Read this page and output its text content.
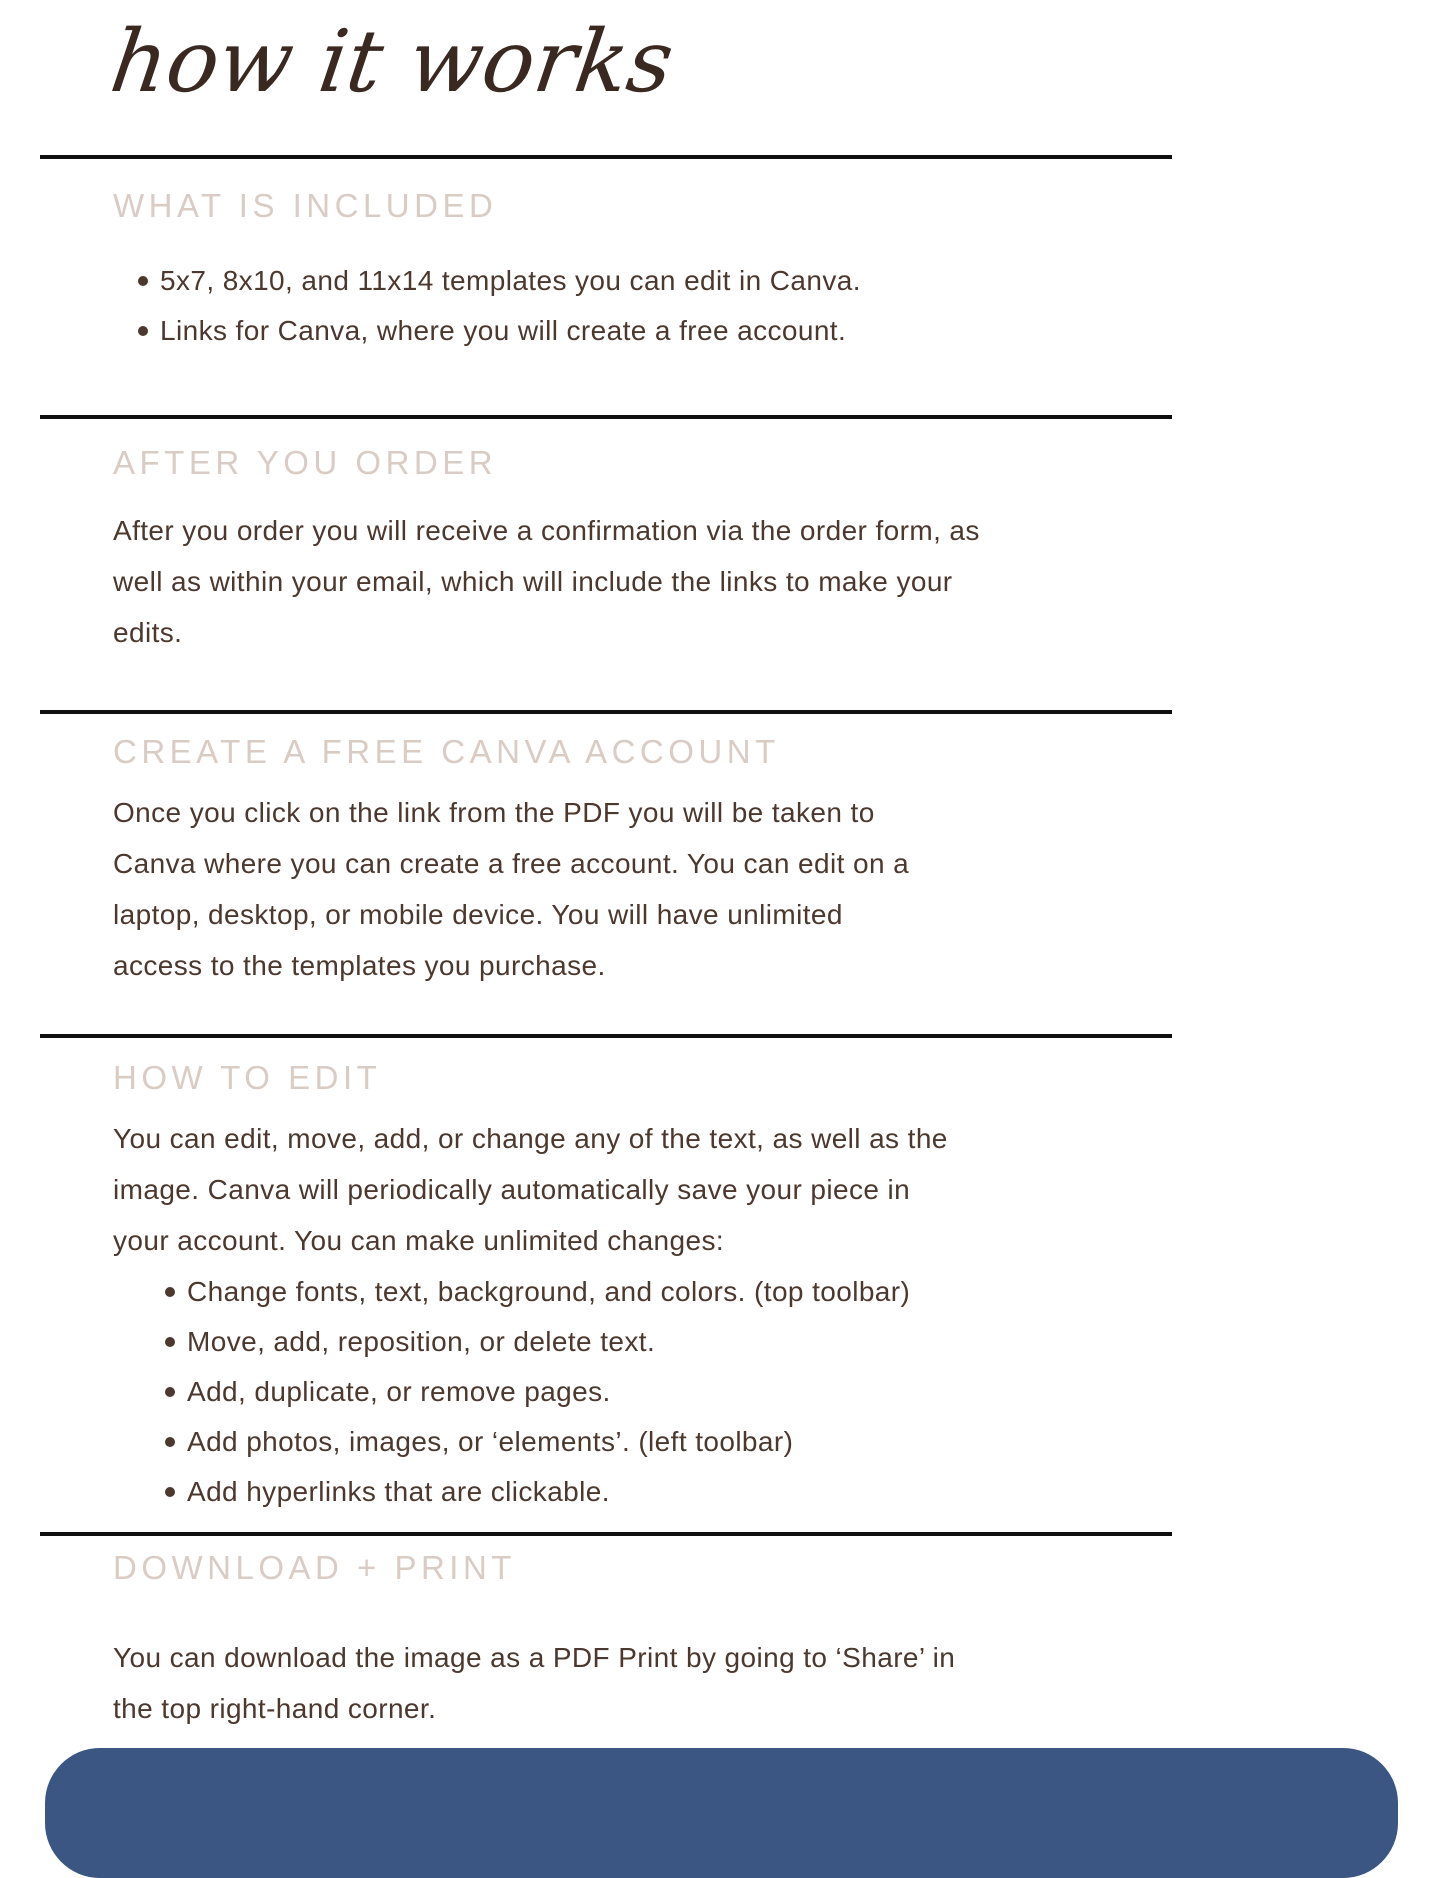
how it works
WHAT IS INCLUDED
5x7, 8x10, and 11x14 templates you can edit in Canva.
Links for Canva, where you will create a free account.
AFTER YOU ORDER
After you order you will receive a confirmation via the order form, as
well as within your email, which will include the links to make your
edits.
CREATE A FREE CANVA ACCOUNT
Once you click on the link from the PDF you will be taken to
Canva where you can create a free account. You can edit on a
laptop, desktop, or mobile device. You will have unlimited
access to the templates you purchase.
HOW TO EDIT
You can edit, move, add, or change any of the text, as well as the
image. Canva will periodically automatically save your piece in
your account. You can make unlimited changes:
Change fonts, text, background, and colors. (top toolbar)
Move, add, reposition, or delete text.
Add, duplicate, or remove pages.
Add photos, images, or ‘elements’. (left toolbar)
Add hyperlinks that are clickable.
DOWNLOAD + PRINT
You can download the image as a PDF Print by going to ‘Share’ in
the top right-hand corner.
